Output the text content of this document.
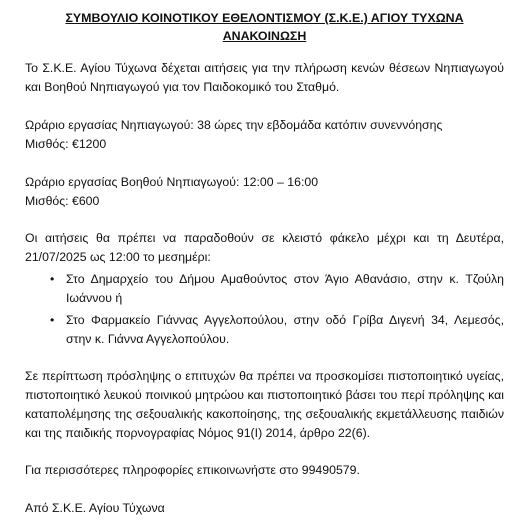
ΣΥΜΒΟΥΛΙΟ ΚΟΙΝΟΤΙΚΟΥ ΕΘΕΛΟΝΤΙΣΜΟΥ (Σ.Κ.Ε.) ΑΓΙΟΥ ΤΥΧΩΝΑ
ΑΝΑΚΟΙΝΩΣΗ

Το Σ.Κ.Ε. Αγίου Τύχωνα δέχεται αιτήσεις για την πλήρωση κενών θέσεων Νηπιαγωγού και Βοηθού Νηπιαγωγού για τον Παιδοκομικό του Σταθμό.

Ωράριο εργασίας Νηπιαγωγού: 38 ώρες την εβδομάδα κατόπιν συνεννόησης

Μισθός: €1200

Ωράριο εργασίας Βοηθού Νηπιαγωγού: 12:00 – 16:00

Μισθός: €600

Οι αιτήσεις θα πρέπει να παραδοθούν σε κλειστό φάκελο μέχρι και τη Δευτέρα, 21/07/2025 ως 12:00 το μεσημέρι:

• Στο Δημαρχείο του Δήμου Αμαθούντος στον Άγιο Αθανάσιο, στην κ. Τζούλη Ιωάννου ή
• Στο Φαρμακείο Γιάννας Αγγελοπούλου, στην οδό Γρίβα Διγενή 34, Λεμεσός, στην κ. Γιάννα Αγγελοπούλου.

Σε περίπτωση πρόσληψης ο επιτυχών θα πρέπει να προσκομίσει πιστοποιητικό υγείας, πιστοποιητικό λευκού ποινικού μητρώου και πιστοποιητικό βάσει του περί πρόληψης και καταπολέμησης της σεξουαλικής κακοποίησης, της σεξουαλικής εκμετάλλευσης παιδιών και της παιδικής πορνογραφίας Νόμος 91(Ι) 2014, άρθρο 22(6).

Για περισσότερες πληροφορίες επικοινωνήστε στο 99490579.

Από Σ.Κ.Ε. Αγίου Τύχωνα
